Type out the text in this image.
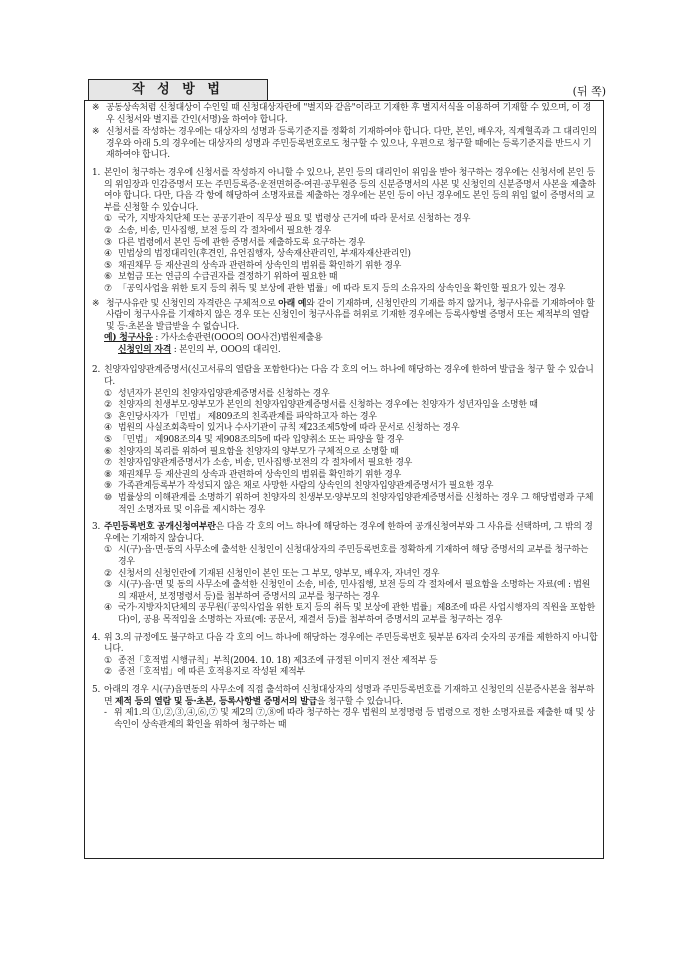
작 성 방 법	(뒤 쪽)
※ 공동상속처럼 신청대상이 수인일 때 신청대상자란에 "별지와 같음"이라고 기재한 후 별지서식을 이용하여 기재할 수 있으며, 이 경우 신청서와 별지를 간인(서명)을 하여야 합니다.
※ 신청서를 작성하는 경우에는 대상자의 성명과 등록기준지를 정확히 기재하여야 합니다. 다만, 본인, 배우자, 직계혈족과 그 대리인의 경우와 아래 5.의 경우에는 대상자의 성명과 주민등록번호로도 청구할 수 있으나, 우편으로 청구할 때에는 등록기준지를 반드시 기재하여야 합니다.
1. 본인이 청구하는 경우에 신청서를 작성하지 아니할 수 있으나, 본인 등의 대리인이 위임을 받아 청구하는 경우에는 신청서에 본인 등의 위임장과 인감증명서 또는 주민등록증·운전면허증·여권·공무원증 등의 신분증명서의 사본 및 신청인의 신분증명서 사본을 제출하여야 합니다. 다만, 다음 각 항에 해당하여 소명자료를 제출하는 경우에는 본인 등이 아닌 경우에도 본인 등의 위임 없이 증명서의 교부를 신청할 수 있습니다.
① 국가, 지방자치단체 또는 공공기관이 직무상 필요 및 법령상 근거에 따라 문서로 신청하는 경우
② 소송, 비송, 민사집행, 보전 등의 각 절차에서 필요한 경우
③ 다른 법령에서 본인 등에 관한 증명서를 제출하도록 요구하는 경우
④ 민법상의 법정대리인(후견인, 유언집행자, 상속재산관리인, 부재자재산관리인)
⑤ 채권채무 등 재산권의 상속과 관련하여 상속인의 범위를 확인하기 위한 경우
⑥ 보험금 또는 연금의 수급권자를 결정하기 위하여 필요한 때
⑦ 「공익사업을 위한 토지 등의 취득 및 보상에 관한 법률」에 따라 토지 등의 소유자의 상속인을 확인할 필요가 있는 경우
※ 청구사유란 및 신청인의 자격란은 구체적으로 아래 예와 같이 기재하며, 신청인란의 기재를 하지 않거나, 청구사유를 기재하여야 할 사람이 청구사유를 기재하지 않은 경우 또는 신청인이 청구사유를 허위로 기재한 경우에는 등록사항별 증명서 또는 제적부의 열람 및 등·초본을 발급받을 수 없습니다.
예) 청구사유 : 가사소송관련(OOO의 OO사건)법원제출용
신청인의 자격 : 본인의 부, OOO의 대리인.
2. 친양자입양관계증명서(신고서류의 열람을 포함한다)는 다음 각 호의 어느 하나에 해당하는 경우에 한하여 발급을 청구 할 수 있습니다.
① 성년자가 본인의 친양자입양관계증명서를 신청하는 경우
② 친양자의 친생부모·양부모가 본인의 친양자입양관계증명서를 신청하는 경우에는 친양자가 성년자임을 소명한 때
③ 혼인당사자가 「민법」 제809조의 친족관계를 파악하고자 하는 경우
④ 법원의 사실조회촉탁이 있거나 수사기관이 규칙 제23조제5항에 따라 문서로 신청하는 경우
⑤ 「민법」 제908조의4 및 제908조의5에 따라 입양취소 또는 파양을 할 경우
⑥ 친양자의 복리를 위하여 필요함을 친양자의 양부모가 구체적으로 소명할 때
⑦ 친양자입양관계증명서가 소송, 비송, 민사집행·보전의 각 절차에서 필요한 경우
⑧ 채권채무 등 재산권의 상속과 관련하여 상속인의 범위를 확인하기 위한 경우
⑨ 가족관계등록부가 작성되지 않은 채로 사망한 사람의 상속인의 친양자입양관계증명서가 필요한 경우
⑩ 법률상의 이해관계를 소명하기 위하여 친양자의 친생부모·양부모의 친양자입양관계증명서를 신청하는 경우 그 해당법령과 구체적인 소명자료 및 이유를 제시하는 경우
3. 주민등록번호 공개신청여부란은 다음 각 호의 어느 하나에 해당하는 경우에 한하여 공개신청여부와 그 사유를 선택하며, 그 밖의 경우에는 기재하지 않습니다.
① 시(구)·읍·면·동의 사무소에 출석한 신청인이 신청대상자의 주민등록번호를 정확하게 기재하여 해당 증명서의 교부를 청구하는 경우
② 신청서의 신청인란에 기재된 신청인이 본인 또는 그 부모, 양부모, 배우자, 자녀인 경우
③ 시(구)·읍·면 및 동의 사무소에 출석한 신청인이 소송, 비송, 민사집행, 보전 등의 각 절차에서 필요함을 소명하는 자료(예 : 법원의 재판서, 보정명령서 등)를 첨부하여 증명서의 교부를 청구하는 경우
④ 국가·지방자치단체의 공무원(「공익사업을 위한 토지 등의 취득 및 보상에 관한 법률」제8조에 따른 사업시행자의 직원을 포함한다)이, 공용 목적임을 소명하는 자료(예: 공문서, 재결서 등)를 첨부하여 증명서의 교부를 청구하는 경우
4. 위 3.의 규정에도 불구하고 다음 각 호의 어느 하나에 해당하는 경우에는 주민등록번호 뒷부분 6자리 숫자의 공개를 제한하지 아니합니다.
① 종전「호적법 시행규칙」부칙(2004. 10. 18) 제3조에 규정된 이미지 전산 제적부 등
② 종전「호적법」에 따른 호적용지로 작성된 제적부
5. 아래의 경우 시(구)읍면동의 사무소에 직접 출석하여 신청대상자의 성명과 주민등록번호를 기재하고 신청인의 신분증사본을 첨부하면 제적 등의 열람 및 등·초본, 등록사항별 증명서의 발급을 청구할 수 있습니다.
- 위 제1.의 ①,②,③,④,⑥,⑦ 및 제2의 ⑦,⑧에 따라 청구하는 경우 법원의 보정명령 등 법령으로 정한 소명자료를 제출한 때 및 상속인이 상속관계의 확인을 위하여 청구하는 때
